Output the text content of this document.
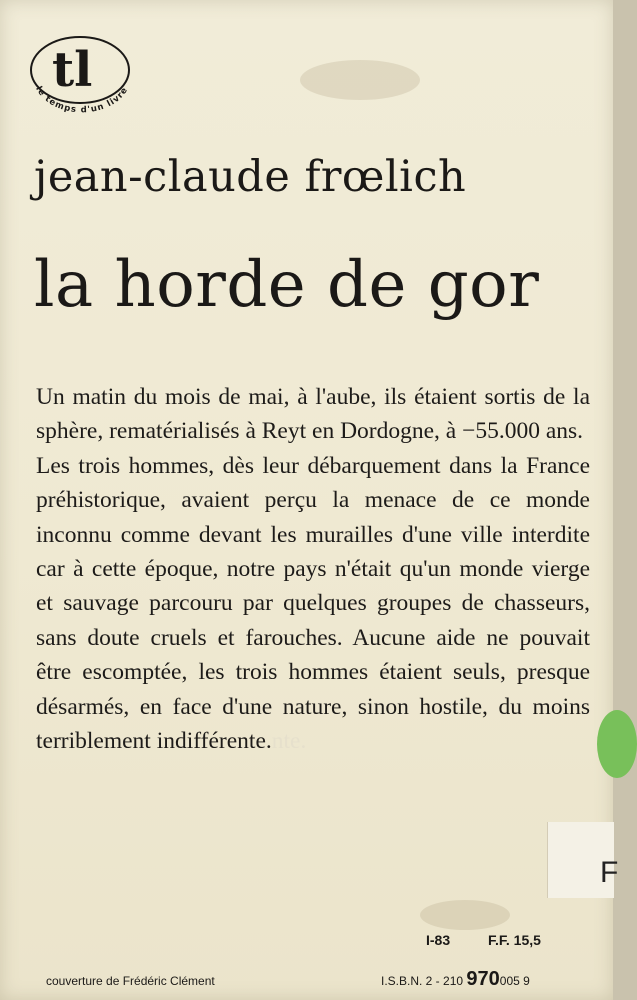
tl
le temps d'un livre
jean-claude frœlich
la horde de gor

Un matin du mois de mai, à l'aube, ils étaient sortis de la sphère, rematérialisés à Reyt en Dordogne, à −55.000 ans.

Les trois hommes, dès leur débarquement dans la France préhistorique, avaient perçu la menace de ce monde inconnu comme devant les murailles d'une ville interdite car à cette époque, notre pays n'était qu'un monde vierge et sauvage parcouru par quelques groupes de chasseurs, sans doute cruels et farouches. Aucune aide ne pouvait être escomptée, les trois hommes étaient seuls, presque désarmés, en face d'une nature, sinon hostile, du moins terriblement indifférente.nte.

F
I-83	F.F. 15,5
couverture de Frédéric Clément	I.S.B.N. 2 - 210 970005 9
